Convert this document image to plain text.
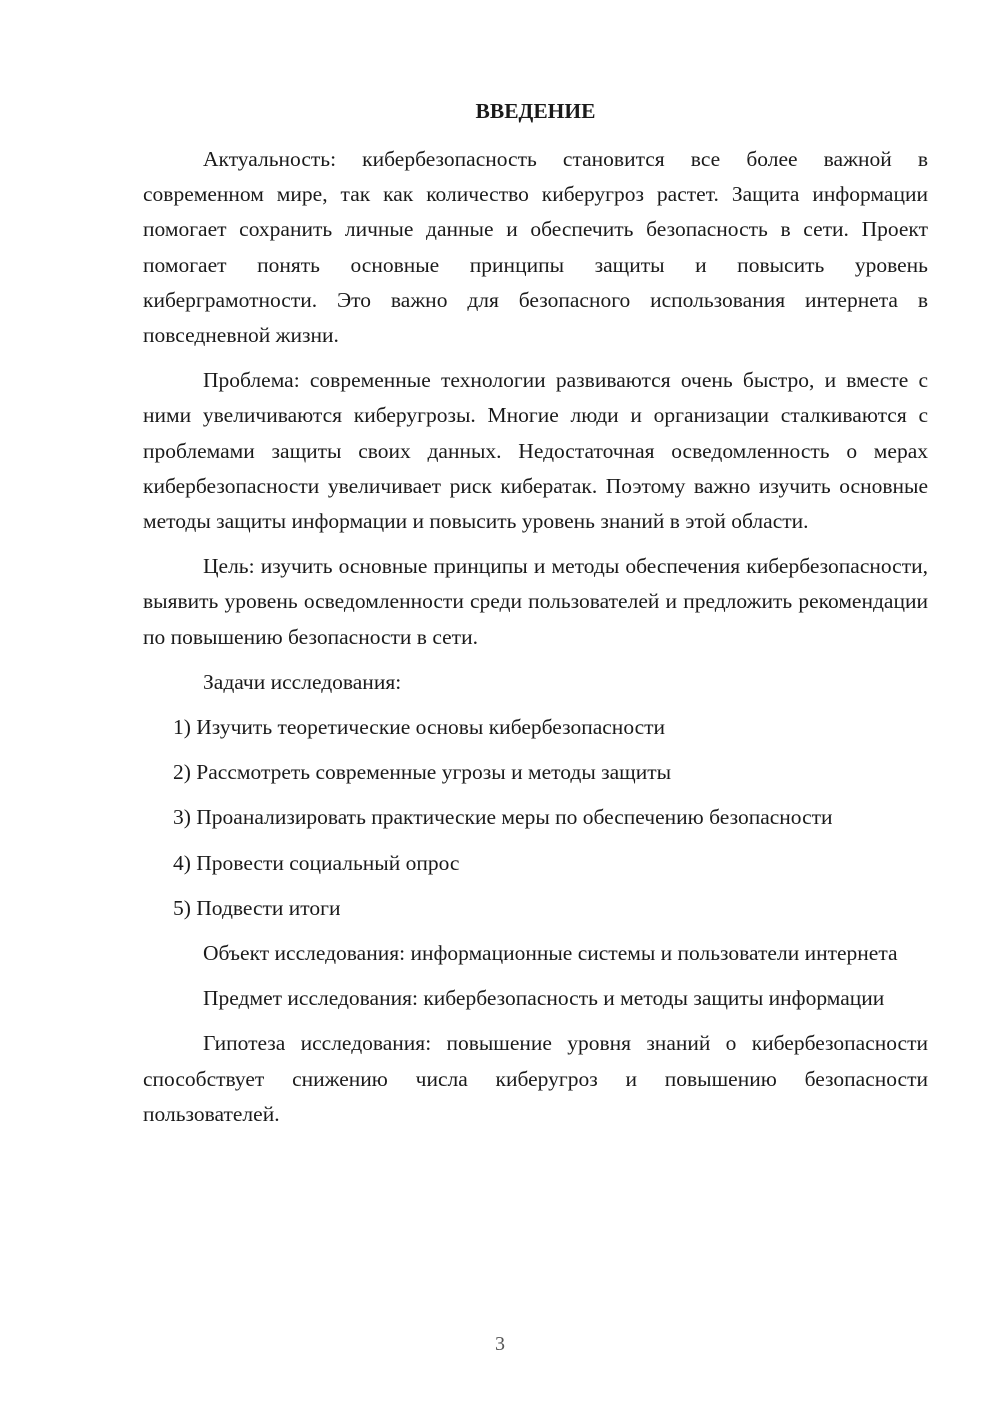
ВВЕДЕНИЕ

Актуальность: кибербезопасность становится все более важной в современном мире, так как количество киберугроз растет. Защита информации помогает сохранить личные данные и обеспечить безопасность в сети. Проект помогает понять основные принципы защиты и повысить уровень киберграмотности. Это важно для безопасного использования интернета в повседневной жизни.

Проблема: современные технологии развиваются очень быстро, и вместе с ними увеличиваются киберугрозы. Многие люди и организации сталкиваются с проблемами защиты своих данных. Недостаточная осведомленность о мерах кибербезопасности увеличивает риск кибератак. Поэтому важно изучить основные методы защиты информации и повысить уровень знаний в этой области.

Цель: изучить основные принципы и методы обеспечения кибербезопасности, выявить уровень осведомленности среди пользователей и предложить рекомендации по повышению безопасности в сети.

Задачи исследования:

1) Изучить теоретические основы кибербезопасности

2) Рассмотреть современные угрозы и методы защиты

3) Проанализировать практические меры по обеспечению безопасности

4) Провести социальный опрос

5) Подвести итоги

Объект исследования: информационные системы и пользователи интернета

Предмет исследования: кибербезопасность и методы защиты информации

Гипотеза исследования: повышение уровня знаний о кибербезопасности способствует снижению числа киберугроз и повышению безопасности пользователей.

3
